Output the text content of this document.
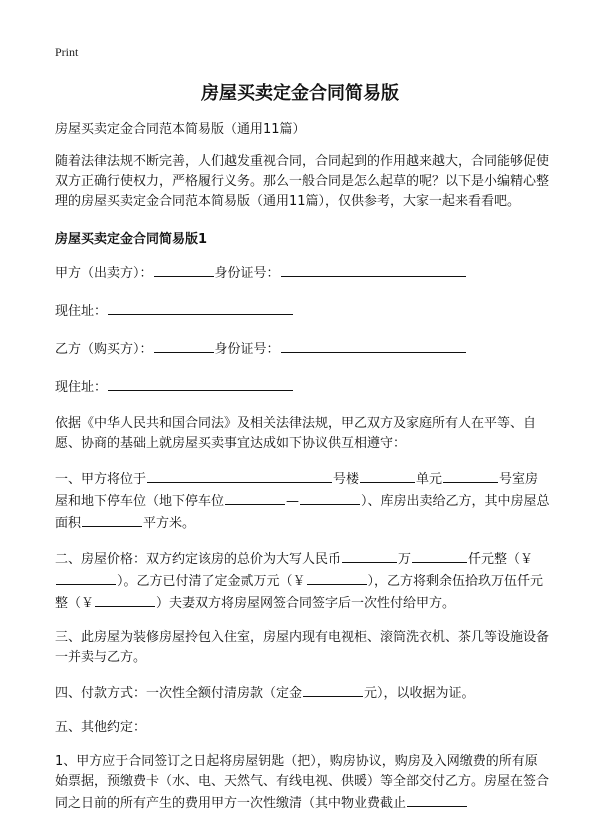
Print
房屋买卖定金合同简易版

房屋买卖定金合同范本简易版（通用11篇）

随着法律法规不断完善，人们越发重视合同，合同起到的作用越来越大，合同能够促使双方正确行使权力，严格履行义务。那么一般合同是怎么起草的呢？以下是小编精心整理的房屋买卖定金合同范本简易版（通用11篇），仅供参考，大家一起来看看吧。

房屋买卖定金合同简易版1

甲方（出卖方）：	身份证号：

现住址：

乙方（购买方）：	身份证号：

现住址：

依据《中华人民共和国合同法》及相关法律法规，甲乙双方及家庭所有人在平等、自愿、协商的基础上就房屋买卖事宜达成如下协议供互相遵守：

一、甲方将位于	号楼	单元	号室房屋和地下停车位（地下停车位	—	）、库房出卖给乙方，其中房屋总面积	平方米。

二、房屋价格：双方约定该房的总价为大写人民币	万	仟元整（￥）。乙方已付清了定金贰万元（￥	），乙方将剩余伍拾玖万伍仟元整（￥	）夫妻双方将房屋网签合同签字后一次性付给甲方。

三、此房屋为装修房屋拎包入住室，房屋内现有电视柜、滚筒洗衣机、茶几等设施设备一并卖与乙方。

四、付款方式：一次性全额付清房款（定金	元），以收据为证。

五、其他约定：

1、甲方应于合同签订之日起将房屋钥匙（把），购房协议，购房及入网缴费的所有原始票据，预缴费卡（水、电、天然气、有线电视、供暖）等全部交付乙方。房屋在签合同之日前的所有产生的费用甲方一次性缴清（其中物业费截止
